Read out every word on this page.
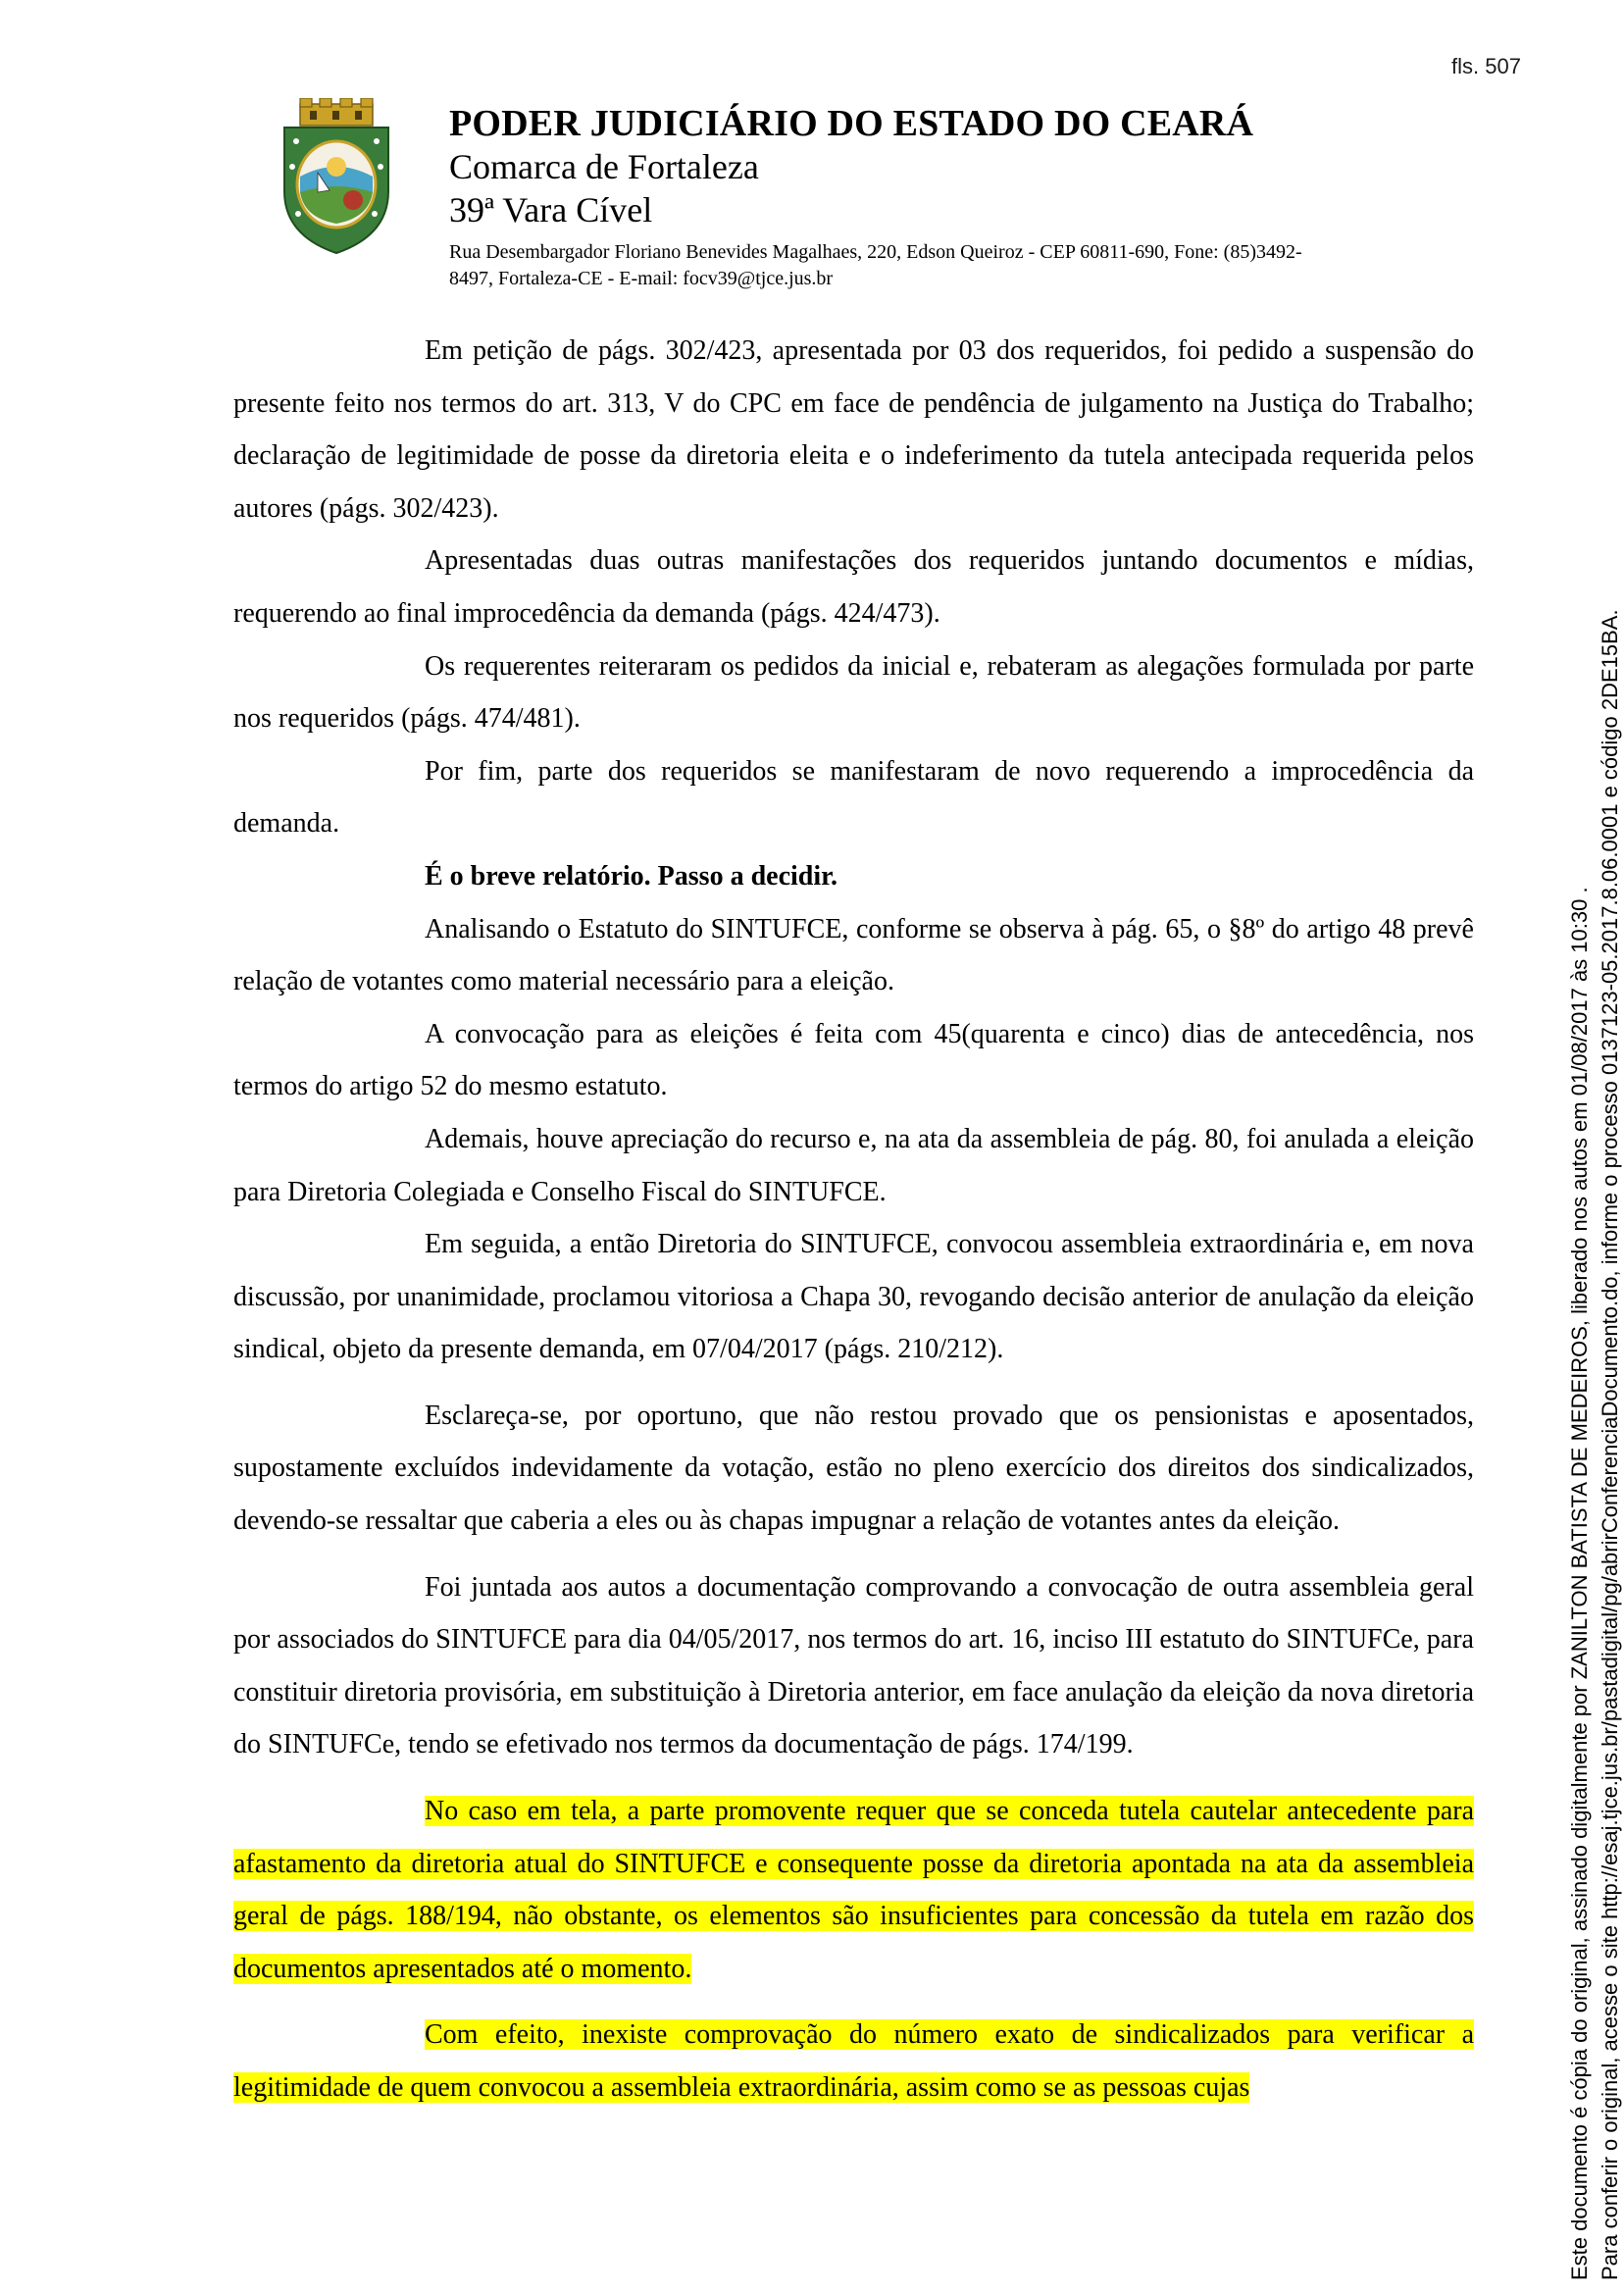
fls. 507
PODER JUDICIÁRIO DO ESTADO DO CEARÁ
Comarca de Fortaleza
39ª Vara Cível
Rua Desembargador Floriano Benevides Magalhaes, 220, Edson Queiroz - CEP 60811-690, Fone: (85)3492-8497, Fortaleza-CE - E-mail: focv39@tjce.jus.br

Em petição de págs. 302/423, apresentada por 03 dos requeridos, foi pedido a suspensão do presente feito nos termos do art. 313, V do CPC em face de pendência de julgamento na Justiça do Trabalho; declaração de legitimidade de posse da diretoria eleita e o indeferimento da tutela antecipada requerida pelos autores (págs. 302/423).

Apresentadas duas outras manifestações dos requeridos juntando documentos e mídias, requerendo ao final improcedência da demanda (págs. 424/473).

Os requerentes reiteraram os pedidos da inicial e, rebateram as alegações formulada por parte nos requeridos (págs. 474/481).

Por fim, parte dos requeridos se manifestaram de novo requerendo a improcedência da demanda.

É o breve relatório. Passo a decidir.

Analisando o Estatuto do SINTUFCE, conforme se observa à pág. 65, o §8º do artigo 48 prevê relação de votantes como material necessário para a eleição.

A convocação para as eleições é feita com 45(quarenta e cinco) dias de antecedência, nos termos do artigo 52 do mesmo estatuto.

Ademais, houve apreciação do recurso e, na ata da assembleia de pág. 80, foi anulada a eleição para Diretoria Colegiada e Conselho Fiscal do SINTUFCE.

Em seguida, a então Diretoria do SINTUFCE, convocou assembleia extraordinária e, em nova discussão, por unanimidade, proclamou vitoriosa a Chapa 30, revogando decisão anterior de anulação da eleição sindical, objeto da presente demanda, em 07/04/2017 (págs. 210/212).

Esclareça-se, por oportuno, que não restou provado que os pensionistas e aposentados, supostamente excluídos indevidamente da votação, estão no pleno exercício dos direitos dos sindicalizados, devendo-se ressaltar que caberia a eles ou às chapas impugnar a relação de votantes antes da eleição.

Foi juntada aos autos a documentação comprovando a convocação de outra assembleia geral por associados do SINTUFCE para dia 04/05/2017, nos termos do art. 16, inciso III estatuto do SINTUFCe, para constituir diretoria provisória, em substituição à Diretoria anterior, em face anulação da eleição da nova diretoria do SINTUFCe, tendo se efetivado nos termos da documentação de págs. 174/199.

No caso em tela, a parte promovente requer que se conceda tutela cautelar antecedente para afastamento da diretoria atual do SINTUFCE e consequente posse da diretoria apontada na ata da assembleia geral de págs. 188/194, não obstante, os elementos são insuficientes para concessão da tutela em razão dos documentos apresentados até o momento.

Com efeito, inexiste comprovação do número exato de sindicalizados para verificar a legitimidade de quem convocou a assembleia extraordinária, assim como se as pessoas cujas	Este documento é cópia do original, assinado digitalmente por ZANILTON BATISTA DE MEDEIROS, liberado nos autos em 01/08/2017 às 10:30 . Para conferir o original, acesse o site http://esaj.tjce.jus.br/pastadigital/pg/abrirConferenciaDocumento.do, informe o processo 0137123-05.2017.8.06.0001 e código 2DE15BA.
